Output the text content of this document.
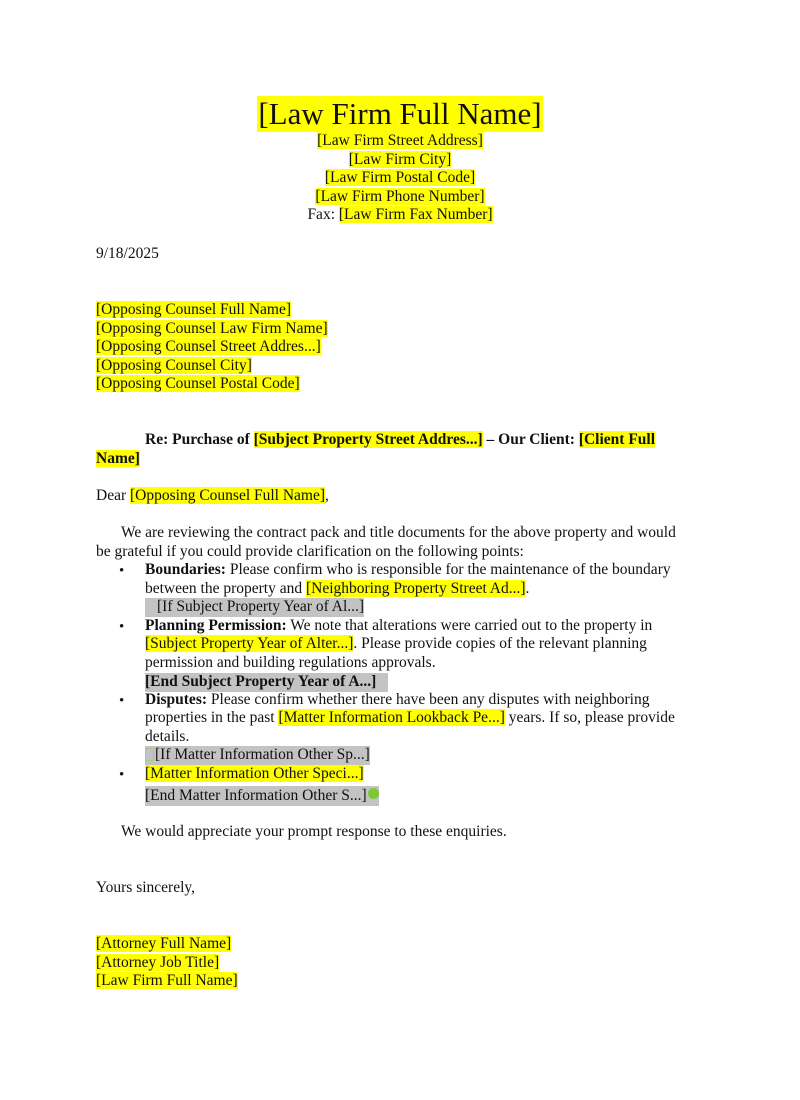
[Law Firm Full Name]
[Law Firm Street Address]
[Law Firm City]
[Law Firm Postal Code]
[Law Firm Phone Number]
Fax: [Law Firm Fax Number]
9/18/2025
[Opposing Counsel Full Name]
[Opposing Counsel Law Firm Name]
[Opposing Counsel Street Addres...]
[Opposing Counsel City]
[Opposing Counsel Postal Code]
Re: Purchase of [Subject Property Street Addres...] – Our Client: [Client Full
Name]
Dear [Opposing Counsel Full Name],
We are reviewing the contract pack and title documents for the above property and would
be grateful if you could provide clarification on the following points:
• Boundaries: Please confirm who is responsible for the maintenance of the boundary
between the property and [Neighboring Property Street Ad...].
[If Subject Property Year of Al...]
• Planning Permission: We note that alterations were carried out to the property in
[Subject Property Year of Alter...]. Please provide copies of the relevant planning
permission and building regulations approvals.
[End Subject Property Year of A...]
• Disputes: Please confirm whether there have been any disputes with neighboring
properties in the past [Matter Information Lookback Pe...] years. If so, please provide
details.
[If Matter Information Other Sp...]
• [Matter Information Other Speci...]
[End Matter Information Other S...]
We would appreciate your prompt response to these enquiries.
Yours sincerely,
[Attorney Full Name]
[Attorney Job Title]
[Law Firm Full Name]
